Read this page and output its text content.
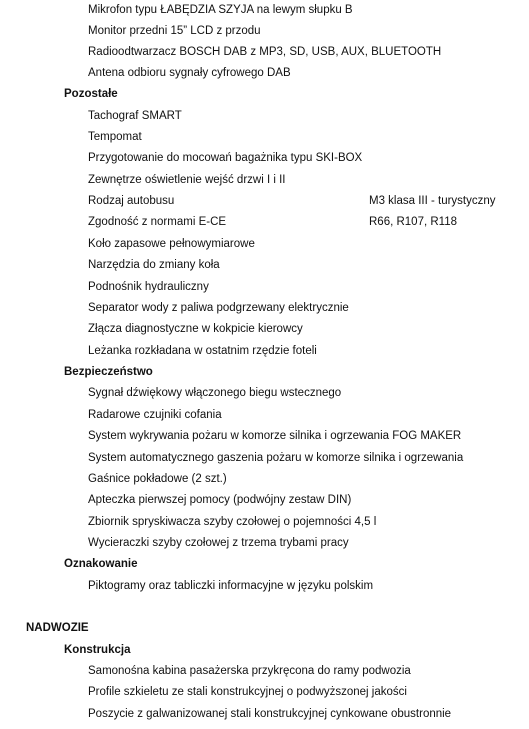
Mikrofon typu ŁABĘDZIA SZYJA na lewym słupku B
Monitor przedni 15” LCD z przodu
Radioodtwarzacz BOSCH DAB z MP3, SD, USB, AUX, BLUETOOTH
Antena odbioru sygnały cyfrowego DAB
Pozostałe
Tachograf SMART
Tempomat
Przygotowanie do mocowań bagażnika typu SKI-BOX
Zewnętrze oświetlenie wejść drzwi I i II
Rodzaj autobusu	M3 klasa III - turystyczny
Zgodność z normami E-CE	R66, R107, R118
Koło zapasowe pełnowymiarowe
Narzędzia do zmiany koła
Podnośnik hydrauliczny
Separator wody z paliwa podgrzewany elektrycznie
Złącza diagnostyczne w kokpicie kierowcy
Leżanka rozkładana w ostatnim rzędzie foteli
Bezpieczeństwo
Sygnał dźwiękowy włączonego biegu wstecznego
Radarowe czujniki cofania
System wykrywania pożaru w komorze silnika i ogrzewania FOG MAKER
System automatycznego gaszenia pożaru w komorze silnika i ogrzewania
Gaśnice pokładowe (2 szt.)
Apteczka pierwszej pomocy (podwójny zestaw DIN)
Zbiornik spryskiwacza szyby czołowej o pojemności 4,5 l
Wycieraczki szyby czołowej z trzema trybami pracy
Oznakowanie
Piktogramy oraz tabliczki informacyjne w języku polskim
NADWOZIE
Konstrukcja
Samonośna kabina pasażerska przykręcona do ramy podwozia
Profile szkieletu ze stali konstrukcyjnej o podwyższonej jakości
Poszycie z galwanizowanej stali konstrukcyjnej cynkowane obustronnie
